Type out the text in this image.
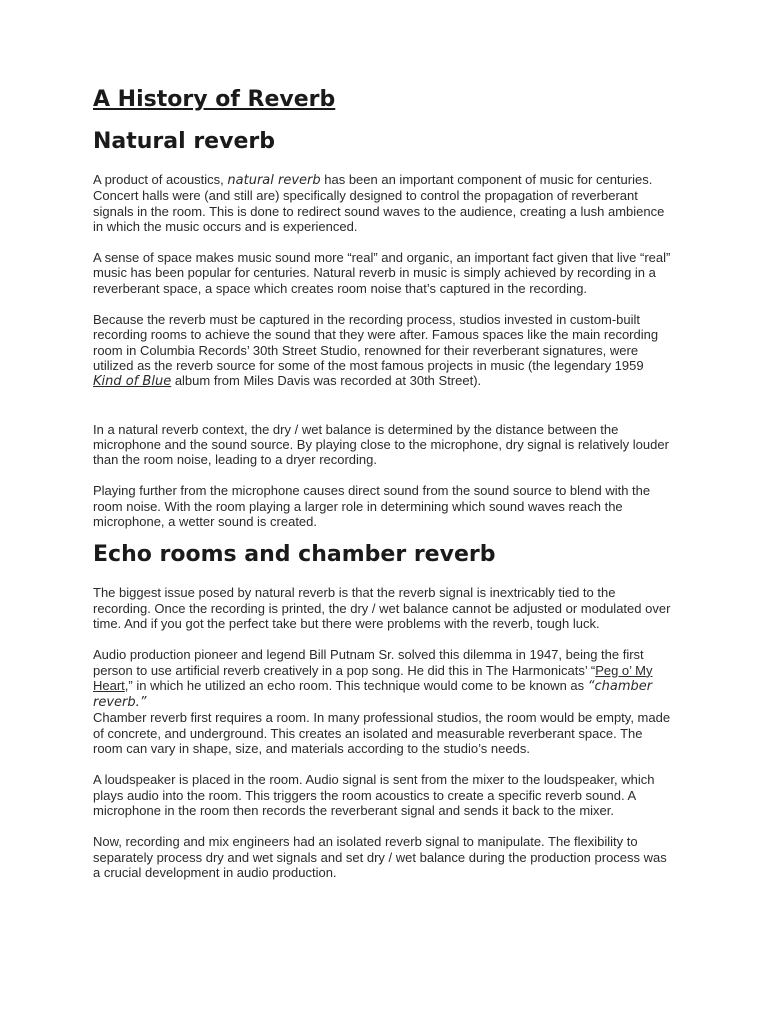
A History of Reverb
Natural reverb

A product of acoustics, natural reverb has been an important component of music for centuries. Concert halls were (and still are) specifically designed to control the propagation of reverberant signals in the room. This is done to redirect sound waves to the audience, creating a lush ambience in which the music occurs and is experienced.

A sense of space makes music sound more “real” and organic, an important fact given that live “real” music has been popular for centuries. Natural reverb in music is simply achieved by recording in a reverberant space, a space which creates room noise that’s captured in the recording.

Because the reverb must be captured in the recording process, studios invested in custom-built recording rooms to achieve the sound that they were after. Famous spaces like the main recording room in Columbia Records’ 30th Street Studio, renowned for their reverberant signatures, were utilized as the reverb source for some of the most famous projects in music (the legendary 1959 Kind of Blue album from Miles Davis was recorded at 30th Street).

In a natural reverb context, the dry / wet balance is determined by the distance between the microphone and the sound source. By playing close to the microphone, dry signal is relatively louder than the room noise, leading to a dryer recording.

Playing further from the microphone causes direct sound from the sound source to blend with the room noise. With the room playing a larger role in determining which sound waves reach the microphone, a wetter sound is created.

Echo rooms and chamber reverb

The biggest issue posed by natural reverb is that the reverb signal is inextricably tied to the recording. Once the recording is printed, the dry / wet balance cannot be adjusted or modulated over time. And if you got the perfect take but there were problems with the reverb, tough luck.

Audio production pioneer and legend Bill Putnam Sr. solved this dilemma in 1947, being the first person to use artificial reverb creatively in a pop song. He did this in The Harmonicats’ “Peg o’ My Heart,” in which he utilized an echo room. This technique would come to be known as “chamber reverb.”

Chamber reverb first requires a room. In many professional studios, the room would be empty, made of concrete, and underground. This creates an isolated and measurable reverberant space. The room can vary in shape, size, and materials according to the studio’s needs.

A loudspeaker is placed in the room. Audio signal is sent from the mixer to the loudspeaker, which plays audio into the room. This triggers the room acoustics to create a specific reverb sound. A microphone in the room then records the reverberant signal and sends it back to the mixer.

Now, recording and mix engineers had an isolated reverb signal to manipulate. The flexibility to separately process dry and wet signals and set dry / wet balance during the production process was a crucial development in audio production.
